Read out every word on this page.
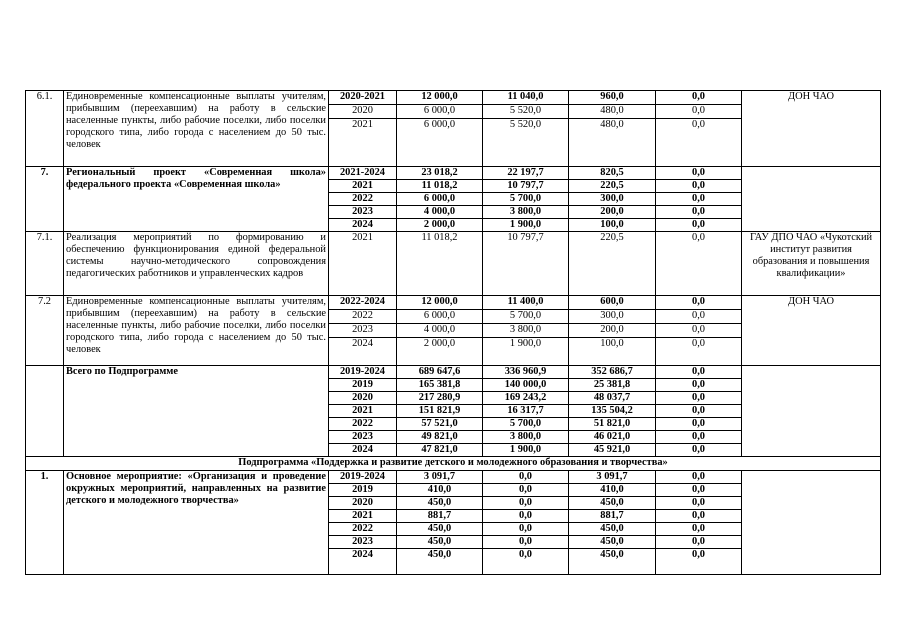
6.1.	Единовременные компенсационные выплаты учителям, прибывшим (переехавшим) на работу в сельские населенные пункты, либо рабочие поселки, либо поселки городского типа, либо города с населением до 50 тыс. человек	2020-2021	12 000,0	11 040,0	960,0	0,0	ДОН ЧАО
		2020	6 000,0	5 520,0	480,0	0,0	
		2021	6 000,0	5 520,0	480,0	0,0	
7.	Региональный проект «Современная школа» федерального проекта «Современная школа»	2021-2024	23 018,2	22 197,7	820,5	0,0	
		2021	11 018,2	10 797,7	220,5	0,0	
		2022	6 000,0	5 700,0	300,0	0,0	
		2023	4 000,0	3 800,0	200,0	0,0	
		2024	2 000,0	1 900,0	100,0	0,0	
7.1.	Реализация мероприятий по формированию и обеспечению функционирования единой федеральной системы научно-методического сопровождения педагогических работников и управленческих кадров	2021	11 018,2	10 797,7	220,5	0,0	ГАУ ДПО ЧАО «Чукотский институт развития образования и повышения квалификации»
7.2	Единовременные компенсационные выплаты учителям, прибывшим (переехавшим) на работу в сельские населенные пункты, либо рабочие поселки, либо поселки городского типа, либо города с населением до 50 тыс. человек	2022-2024	12 000,0	11 400,0	600,0	0,0	ДОН ЧАО
		2022	6 000,0	5 700,0	300,0	0,0	
		2023	4 000,0	3 800,0	200,0	0,0	
		2024	2 000,0	1 900,0	100,0	0,0	
	Всего по Подпрограмме	2019-2024	689 647,6	336 960,9	352 686,7	0,0	
		2019	165 381,8	140 000,0	25 381,8	0,0	
		2020	217 280,9	169 243,2	48 037,7	0,0	
		2021	151 821,9	16 317,7	135 504,2	0,0	
		2022	57 521,0	5 700,0	51 821,0	0,0	
		2023	49 821,0	3 800,0	46 021,0	0,0	
		2024	47 821,0	1 900,0	45 921,0	0,0	
Подпрограмма «Поддержка и развитие детского и молодежного образования и творчества»							
1.	Основное мероприятие: «Организация и проведение окружных мероприятий, направленных на развитие детского и молодежного творчества»	2019-2024	3 091,7	0,0	3 091,7	0,0	
		2019	410,0	0,0	410,0	0,0	
		2020	450,0	0,0	450,0	0,0	
		2021	881,7	0,0	881,7	0,0	
		2022	450,0	0,0	450,0	0,0	
		2023	450,0	0,0	450,0	0,0	
		2024	450,0	0,0	450,0	0,0	
